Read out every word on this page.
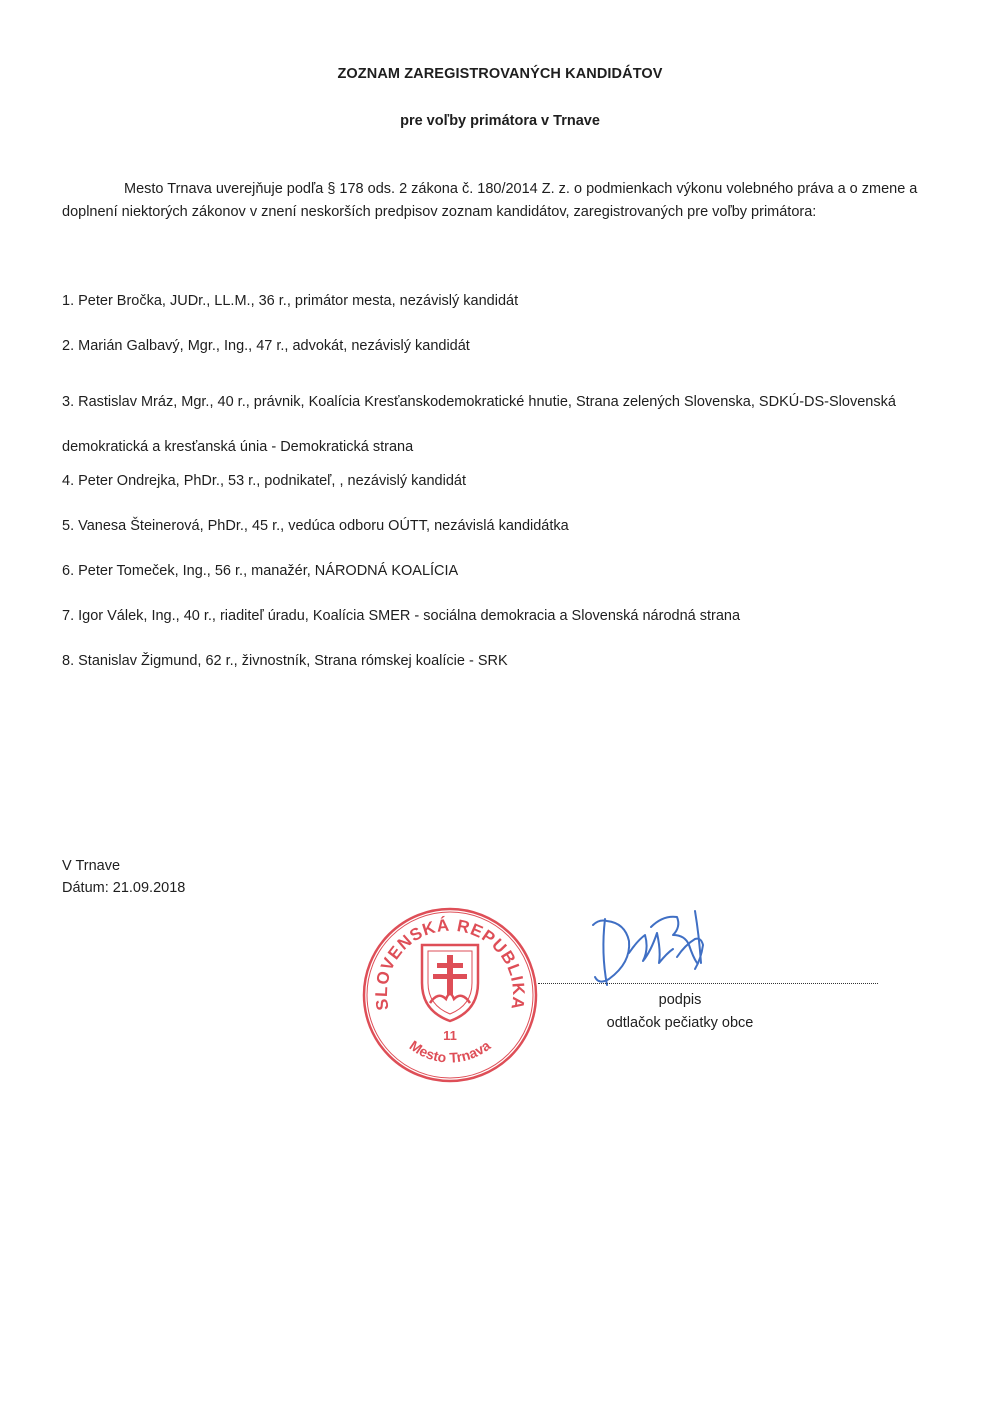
ZOZNAM ZAREGISTROVANÝCH KANDIDÁTOV
pre voľby primátora v Trnave
Mesto Trnava uverejňuje podľa § 178 ods. 2 zákona č. 180/2014 Z. z. o podmienkach výkonu volebného práva a o zmene a doplnení niektorých zákonov v znení neskorších predpisov zoznam kandidátov, zaregistrovaných pre voľby primátora:
1. Peter Bročka, JUDr., LL.M., 36 r., primátor mesta, nezávislý kandidát
2. Marián Galbavý, Mgr., Ing., 47 r., advokát, nezávislý kandidát
3. Rastislav Mráz, Mgr., 40 r., právnik, Koalícia Kresťanskodemokratické hnutie, Strana zelených Slovenska, SDKÚ-DS-Slovenská demokratická a kresťanská únia - Demokratická strana
4. Peter Ondrejka, PhDr., 53 r., podnikateľ, , nezávislý kandidát
5. Vanesa Šteinerová, PhDr., 45 r., vedúca odboru OÚTT, nezávislá kandidátka
6. Peter Tomeček, Ing., 56 r., manažér, NÁRODNÁ KOALÍCIA
7. Igor Válek, Ing., 40 r., riaditeľ úradu, Koalícia SMER - sociálna demokracia a Slovenská národná strana
8. Stanislav Žigmund, 62 r., živnostník, Strana rómskej koalície - SRK
V Trnave
Dátum: 21.09.2018
SLOVENSKÁ REPUBLIKA
11
Mesto Trnava
podpis
odtlačok pečiatky obce
